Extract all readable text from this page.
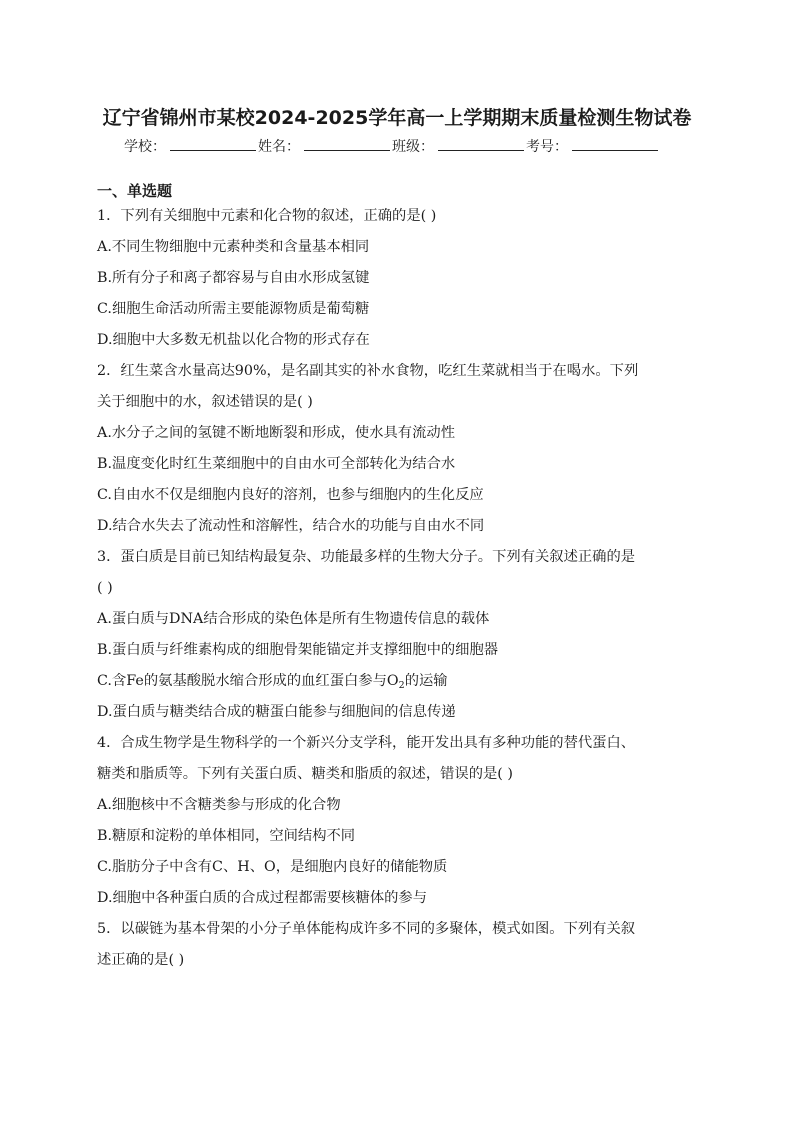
辽宁省锦州市某校2024-2025学年高一上学期期末质量检测生物试卷
学校：	姓名：	班级：	考号：
一、单选题
1．下列有关细胞中元素和化合物的叙述，正确的是( )
A.不同生物细胞中元素种类和含量基本相同
B.所有分子和离子都容易与自由水形成氢键
C.细胞生命活动所需主要能源物质是葡萄糖
D.细胞中大多数无机盐以化合物的形式存在
2．红生菜含水量高达90%，是名副其实的补水食物，吃红生菜就相当于在喝水。下列
关于细胞中的水，叙述错误的是( )
A.水分子之间的氢键不断地断裂和形成，使水具有流动性
B.温度变化时红生菜细胞中的自由水可全部转化为结合水
C.自由水不仅是细胞内良好的溶剂，也参与细胞内的生化反应
D.结合水失去了流动性和溶解性，结合水的功能与自由水不同
3．蛋白质是目前已知结构最复杂、功能最多样的生物大分子。下列有关叙述正确的是
( )
A.蛋白质与DNA结合形成的染色体是所有生物遗传信息的载体
B.蛋白质与纤维素构成的细胞骨架能锚定并支撑细胞中的细胞器
C.含Fe的氨基酸脱水缩合形成的血红蛋白参与$O_2$的运输
D.蛋白质与糖类结合成的糖蛋白能参与细胞间的信息传递
4．合成生物学是生物科学的一个新兴分支学科，能开发出具有多种功能的替代蛋白、
糖类和脂质等。下列有关蛋白质、糖类和脂质的叙述，错误的是( )
A.细胞核中不含糖类参与形成的化合物
B.糖原和淀粉的单体相同，空间结构不同
C.脂肪分子中含有C、H、O，是细胞内良好的储能物质
D.细胞中各种蛋白质的合成过程都需要核糖体的参与
5．以碳链为基本骨架的小分子单体能构成许多不同的多聚体，模式如图。下列有关叙
述正确的是( )
